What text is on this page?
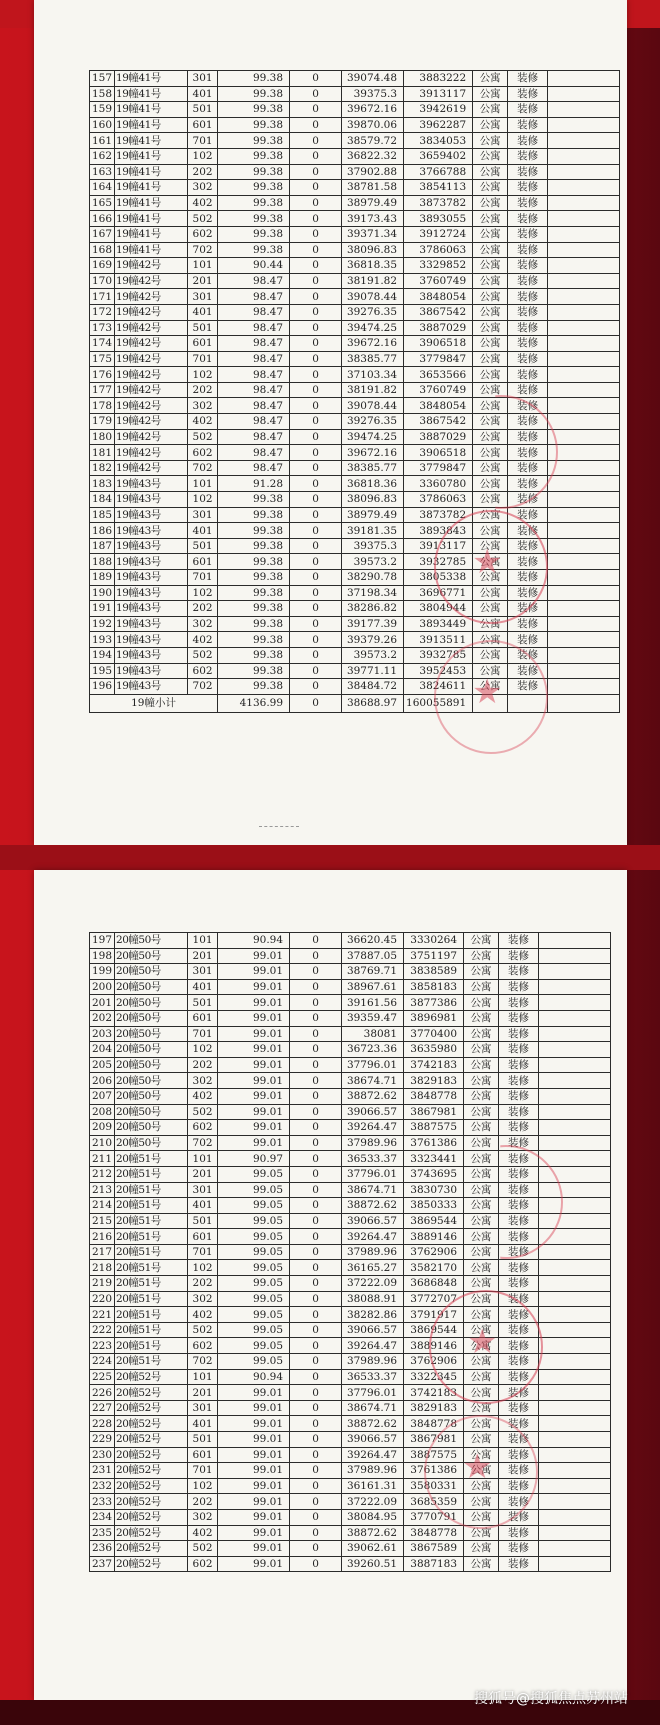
157	19幢41号	301	99.38	0	39074.48	3883222	公寓	装修	
158	19幢41号	401	99.38	0	39375.3	3913117	公寓	装修	
159	19幢41号	501	99.38	0	39672.16	3942619	公寓	装修	
160	19幢41号	601	99.38	0	39870.06	3962287	公寓	装修	
161	19幢41号	701	99.38	0	38579.72	3834053	公寓	装修	
162	19幢41号	102	99.38	0	36822.32	3659402	公寓	装修	
163	19幢41号	202	99.38	0	37902.88	3766788	公寓	装修	
164	19幢41号	302	99.38	0	38781.58	3854113	公寓	装修	
165	19幢41号	402	99.38	0	38979.49	3873782	公寓	装修	
166	19幢41号	502	99.38	0	39173.43	3893055	公寓	装修	
167	19幢41号	602	99.38	0	39371.34	3912724	公寓	装修	
168	19幢41号	702	99.38	0	38096.83	3786063	公寓	装修	
169	19幢42号	101	90.44	0	36818.35	3329852	公寓	装修	
170	19幢42号	201	98.47	0	38191.82	3760749	公寓	装修	
171	19幢42号	301	98.47	0	39078.44	3848054	公寓	装修	
172	19幢42号	401	98.47	0	39276.35	3867542	公寓	装修	
173	19幢42号	501	98.47	0	39474.25	3887029	公寓	装修	
174	19幢42号	601	98.47	0	39672.16	3906518	公寓	装修	
175	19幢42号	701	98.47	0	38385.77	3779847	公寓	装修	
176	19幢42号	102	98.47	0	37103.34	3653566	公寓	装修	
177	19幢42号	202	98.47	0	38191.82	3760749	公寓	装修	
178	19幢42号	302	98.47	0	39078.44	3848054	公寓	装修	
179	19幢42号	402	98.47	0	39276.35	3867542	公寓	装修	
180	19幢42号	502	98.47	0	39474.25	3887029	公寓	装修	
181	19幢42号	602	98.47	0	39672.16	3906518	公寓	装修	
182	19幢42号	702	98.47	0	38385.77	3779847	公寓	装修	
183	19幢43号	101	91.28	0	36818.36	3360780	公寓	装修	
184	19幢43号	102	99.38	0	38096.83	3786063	公寓	装修	
185	19幢43号	301	99.38	0	38979.49	3873782	公寓	装修	
186	19幢43号	401	99.38	0	39181.35	3893843	公寓	装修	
187	19幢43号	501	99.38	0	39375.3	3913117	公寓	装修	
188	19幢43号	601	99.38	0	39573.2	3932785	公寓	装修	
189	19幢43号	701	99.38	0	38290.78	3805338	公寓	装修	
190	19幢43号	102	99.38	0	37198.34	3696771	公寓	装修	
191	19幢43号	202	99.38	0	38286.82	3804944	公寓	装修	
192	19幢43号	302	99.38	0	39177.39	3893449	公寓	装修	
193	19幢43号	402	99.38	0	39379.26	3913511	公寓	装修	
194	19幢43号	502	99.38	0	39573.2	3932785	公寓	装修	
195	19幢43号	602	99.38	0	39771.11	3952453	公寓	装修	
196	19幢43号	702	99.38	0	38484.72	3824611	公寓	装修	
19幢小计			4136.99	0	38688.97	160055891			
★
★
197	20幢50号	101	90.94	0	36620.45	3330264	公寓	装修	
198	20幢50号	201	99.01	0	37887.05	3751197	公寓	装修	
199	20幢50号	301	99.01	0	38769.71	3838589	公寓	装修	
200	20幢50号	401	99.01	0	38967.61	3858183	公寓	装修	
201	20幢50号	501	99.01	0	39161.56	3877386	公寓	装修	
202	20幢50号	601	99.01	0	39359.47	3896981	公寓	装修	
203	20幢50号	701	99.01	0	38081	3770400	公寓	装修	
204	20幢50号	102	99.01	0	36723.36	3635980	公寓	装修	
205	20幢50号	202	99.01	0	37796.01	3742183	公寓	装修	
206	20幢50号	302	99.01	0	38674.71	3829183	公寓	装修	
207	20幢50号	402	99.01	0	38872.62	3848778	公寓	装修	
208	20幢50号	502	99.01	0	39066.57	3867981	公寓	装修	
209	20幢50号	602	99.01	0	39264.47	3887575	公寓	装修	
210	20幢50号	702	99.01	0	37989.96	3761386	公寓	装修	
211	20幢51号	101	90.97	0	36533.37	3323441	公寓	装修	
212	20幢51号	201	99.05	0	37796.01	3743695	公寓	装修	
213	20幢51号	301	99.05	0	38674.71	3830730	公寓	装修	
214	20幢51号	401	99.05	0	38872.62	3850333	公寓	装修	
215	20幢51号	501	99.05	0	39066.57	3869544	公寓	装修	
216	20幢51号	601	99.05	0	39264.47	3889146	公寓	装修	
217	20幢51号	701	99.05	0	37989.96	3762906	公寓	装修	
218	20幢51号	102	99.05	0	36165.27	3582170	公寓	装修	
219	20幢51号	202	99.05	0	37222.09	3686848	公寓	装修	
220	20幢51号	302	99.05	0	38088.91	3772707	公寓	装修	
221	20幢51号	402	99.05	0	38282.86	3791917	公寓	装修	
222	20幢51号	502	99.05	0	39066.57	3869544	公寓	装修	
223	20幢51号	602	99.05	0	39264.47	3889146	公寓	装修	
224	20幢51号	702	99.05	0	37989.96	3762906	公寓	装修	
225	20幢52号	101	90.94	0	36533.37	3322345	公寓	装修	
226	20幢52号	201	99.01	0	37796.01	3742183	公寓	装修	
227	20幢52号	301	99.01	0	38674.71	3829183	公寓	装修	
228	20幢52号	401	99.01	0	38872.62	3848778	公寓	装修	
229	20幢52号	501	99.01	0	39066.57	3867981	公寓	装修	
230	20幢52号	601	99.01	0	39264.47	3887575	公寓	装修	
231	20幢52号	701	99.01	0	37989.96	3761386	公寓	装修	
232	20幢52号	102	99.01	0	36161.31	3580331	公寓	装修	
233	20幢52号	202	99.01	0	37222.09	3685359	公寓	装修	
234	20幢52号	302	99.01	0	38084.95	3770791	公寓	装修	
235	20幢52号	402	99.01	0	38872.62	3848778	公寓	装修	
236	20幢52号	502	99.01	0	39062.61	3867589	公寓	装修	
237	20幢52号	602	99.01	0	39260.51	3887183	公寓	装修	
★
★
搜狐号@搜狐焦点苏州站
